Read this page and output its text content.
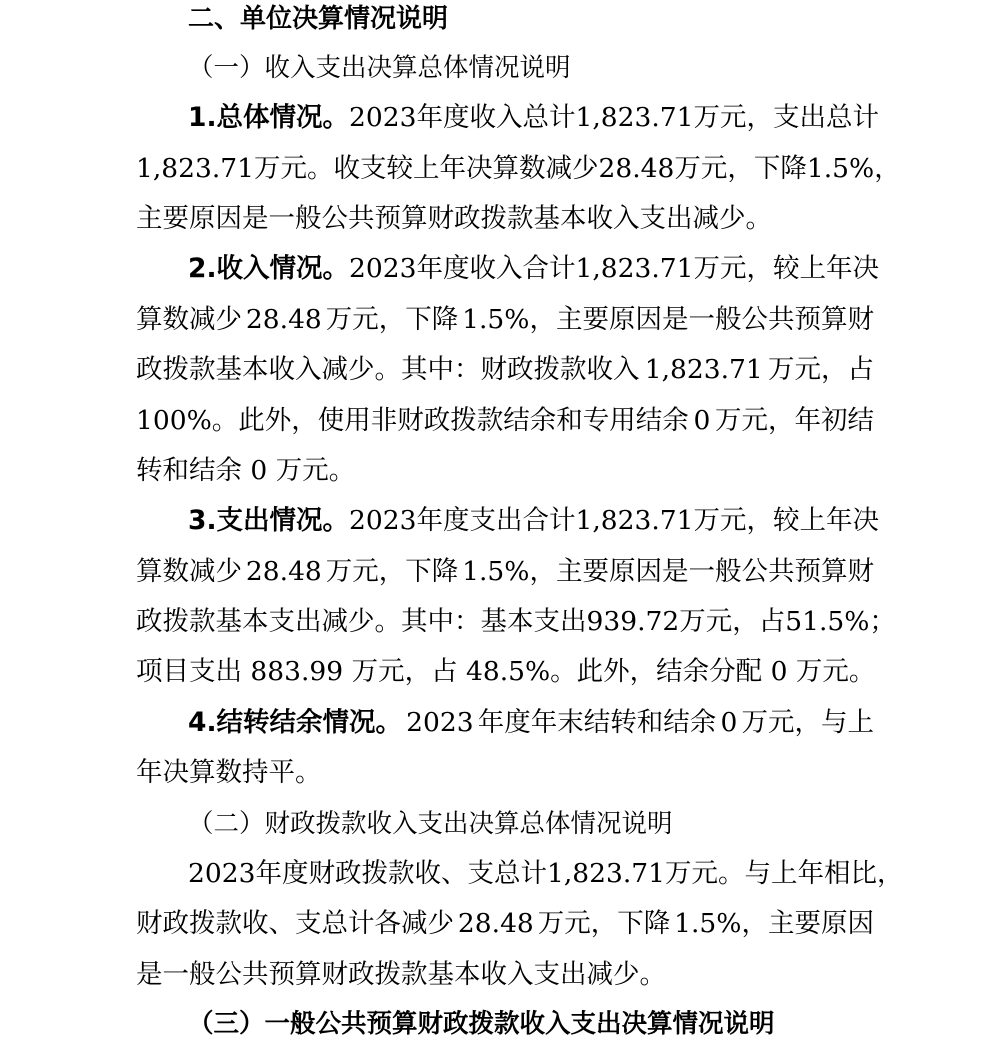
二、单位决算情况说明
（一）收入支出决算总体情况说明
1.总体情况。 2023 年度收入总计 1,823.71 万元，支出总计
1,823.71 万元。收支较上年决算数减少 28.48 万元，下降 1.5%，
主要原因是一般公共预算财政拨款基本收入支出减少。
2.收入情况。 2023 年度收入合计 1,823.71 万元，较上年决
算数减少 28.48 万元，下降 1.5%，主要原因是一般公共预算财
政拨款基本收入减少。其中：财政拨款收入 1,823.71 万元，占
100%。此外，使用非财政拨款结余和专用结余 0 万元，年初结
转和结余 0 万元。
3.支出情况。 2023 年度支出合计 1,823.71 万元，较上年决
算数减少 28.48 万元，下降 1.5%，主要原因是一般公共预算财
政拨款基本支出减少。其中：基本支出 939.72 万元，占 51.5%；
项目支出 883.99 万元，占 48.5%。此外，结余分配 0 万元。
4.结转结余情况。 2023 年度年末结转和结余 0 万元，与上
年决算数持平。
（二）财政拨款收入支出决算总体情况说明
2023 年度财政拨款收、支总计 1,823.71 万元。与上年相比，
财政拨款收、支总计各减少 28.48 万元，下降 1.5%，主要原因
是一般公共预算财政拨款基本收入支出减少。
（三）一般公共预算财政拨款收入支出决算情况说明
